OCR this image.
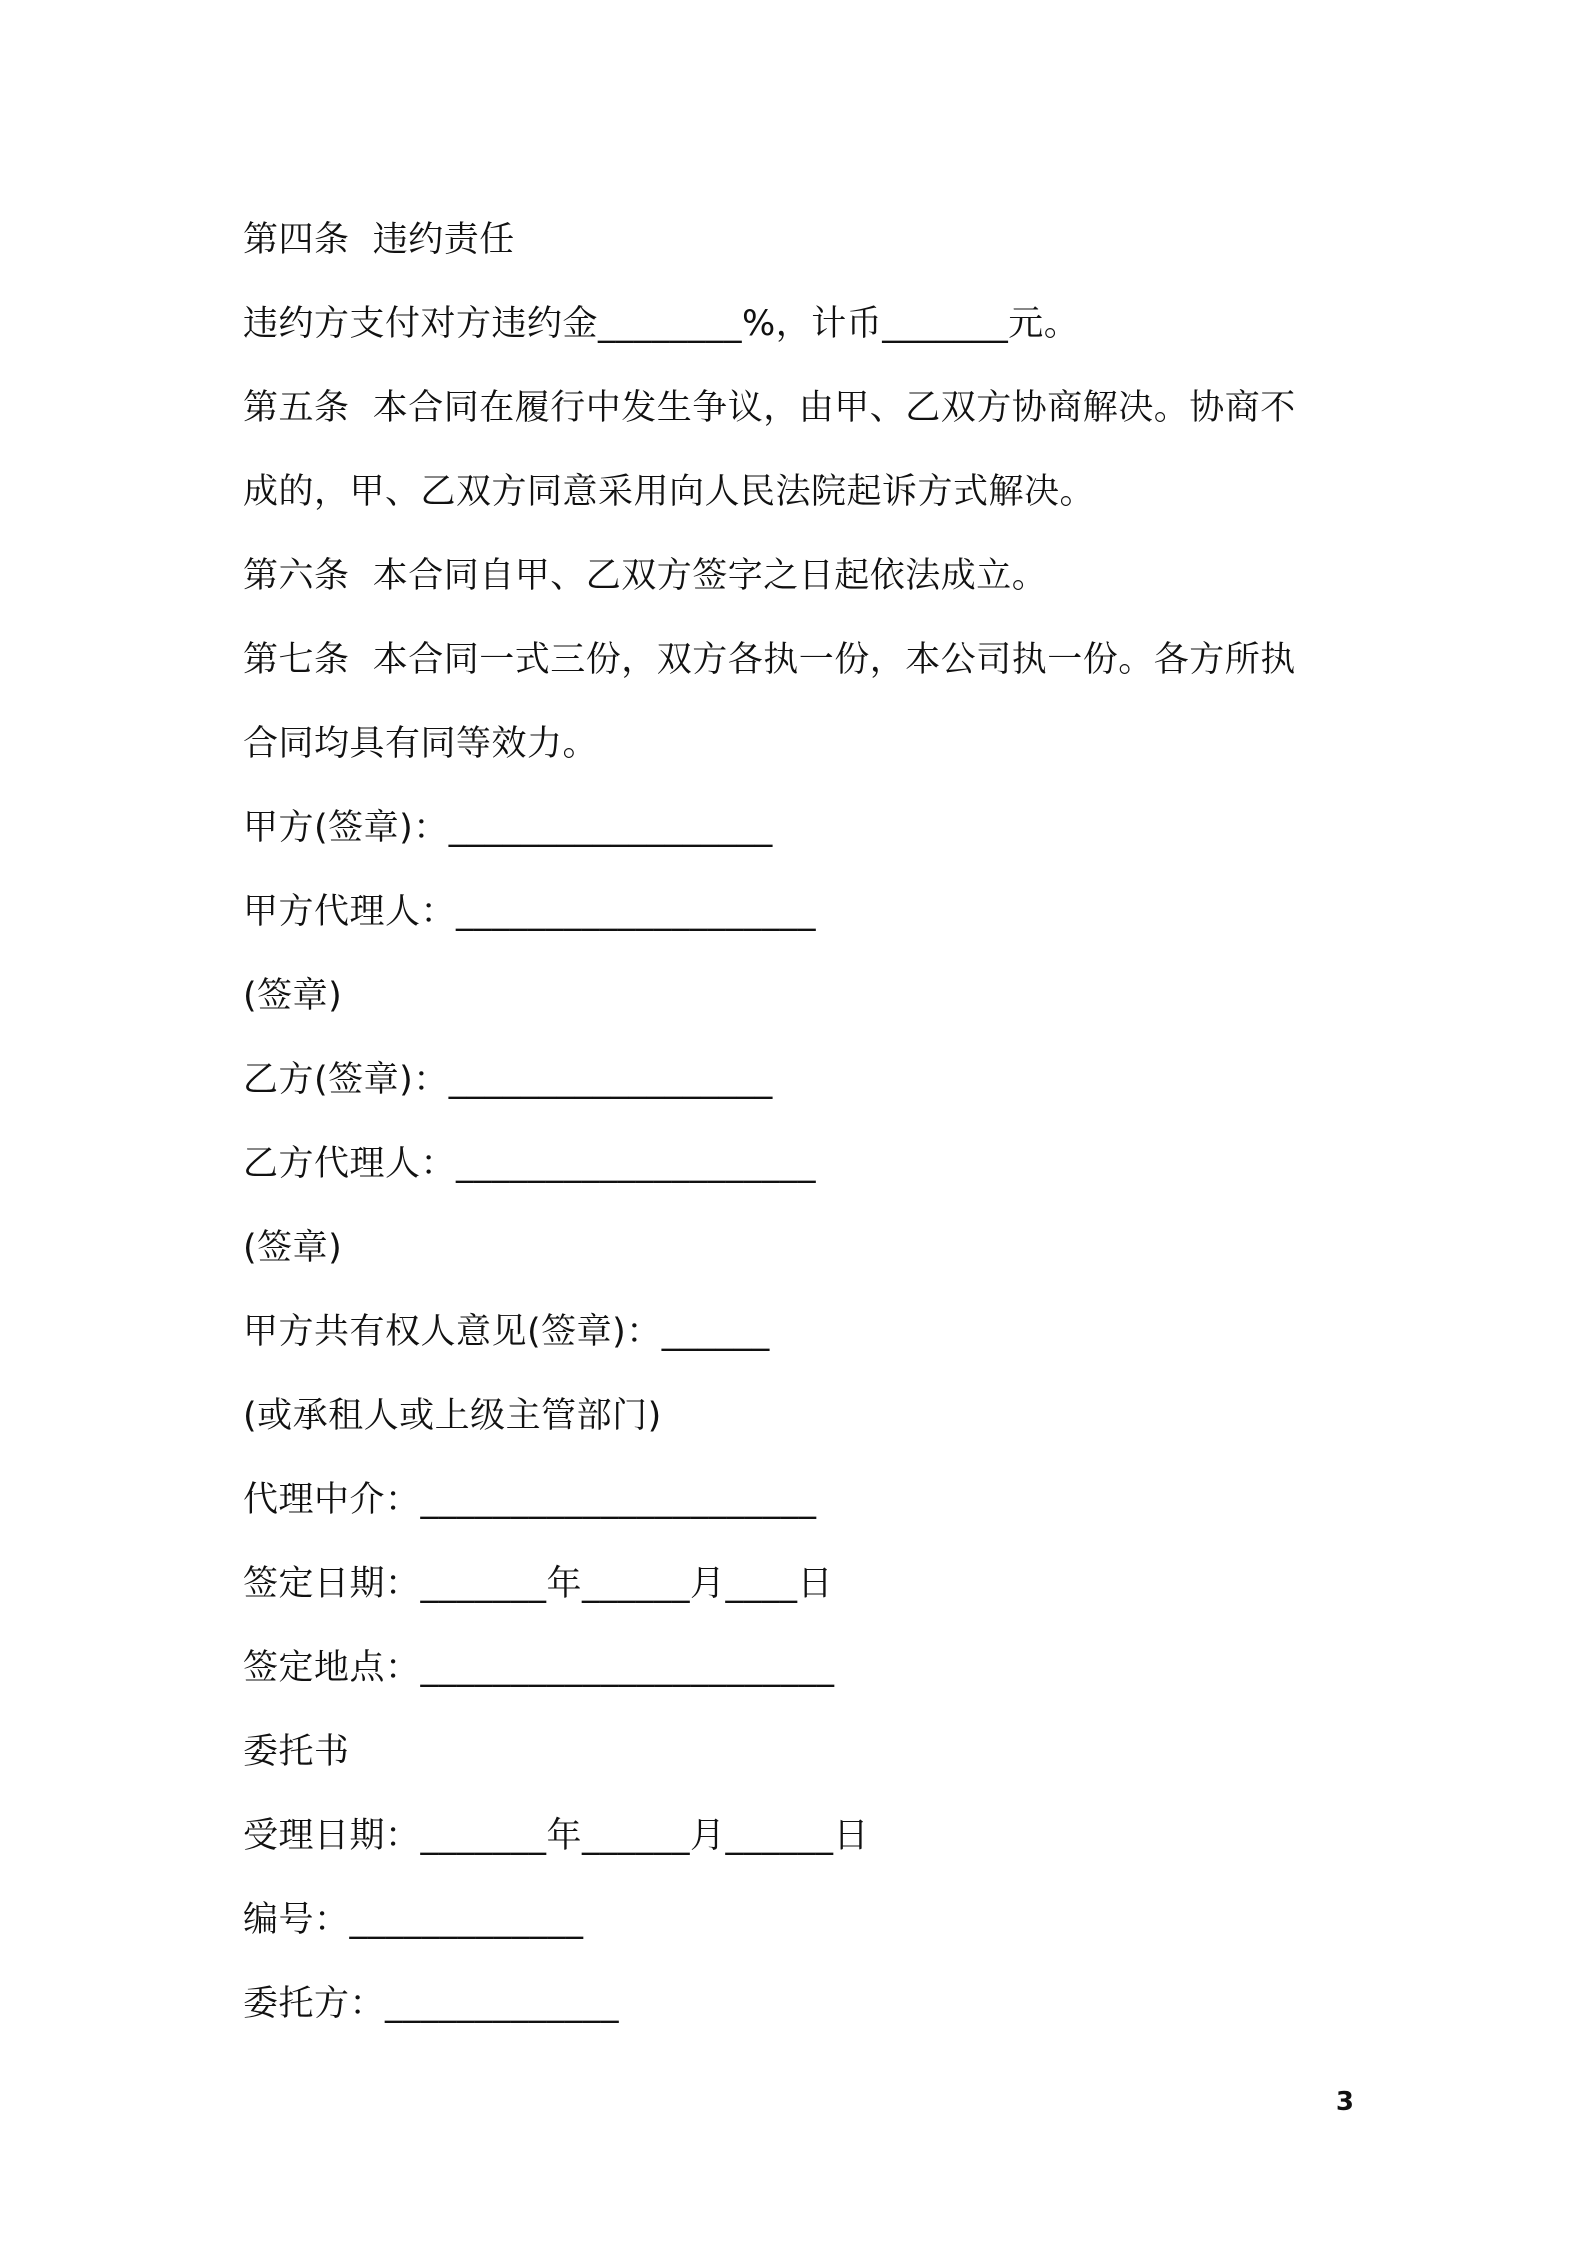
第四条  违约责任
违约方支付对方违约金________%，计币_______元。
第五条  本合同在履行中发生争议，由甲、乙双方协商解决。协商不
成的，甲、乙双方同意采用向人民法院起诉方式解决。
第六条  本合同自甲、乙双方签字之日起依法成立。
第七条  本合同一式三份，双方各执一份，本公司执一份。各方所执
合同均具有同等效力。
甲方(签章)：__________________
甲方代理人：____________________
(签章)
乙方(签章)：__________________
乙方代理人：____________________
(签章)
甲方共有权人意见(签章)：______
(或承租人或上级主管部门)
代理中介：______________________
签定日期：_______年______月____日
签定地点：_______________________
委托书
受理日期：_______年______月______日
编号：_____________
委托方：_____________
3
